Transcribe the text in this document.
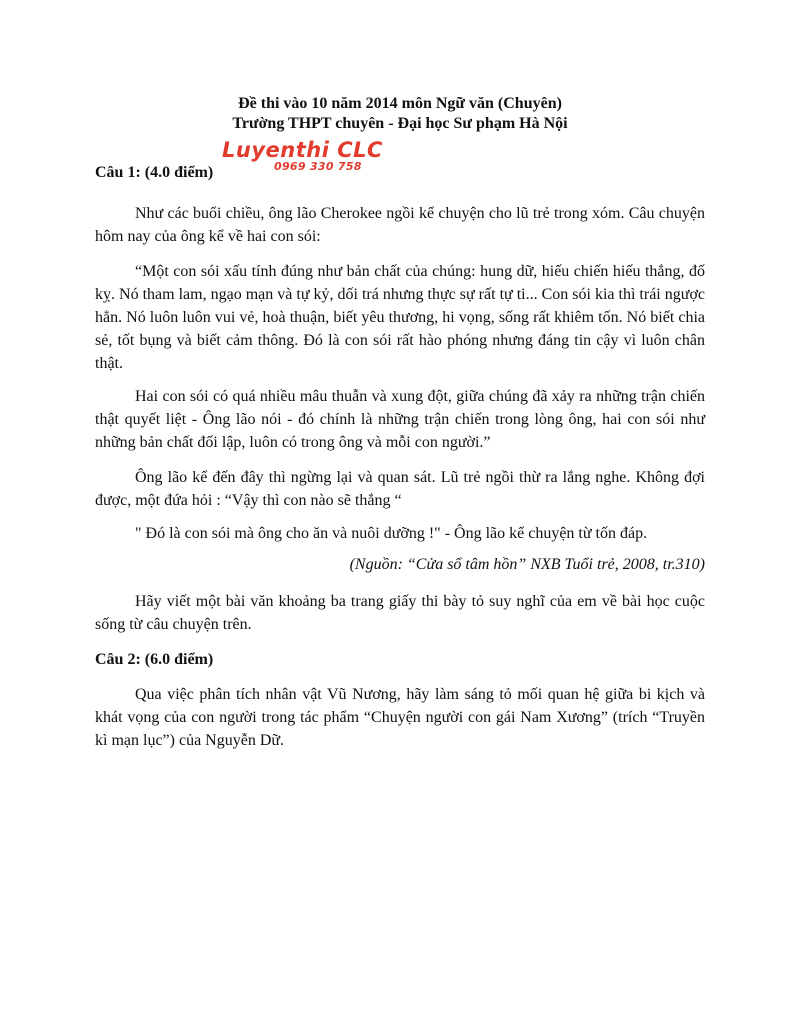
Đề thi vào 10 năm 2014 môn Ngữ văn (Chuyên)
Trường THPT chuyên - Đại học Sư phạm Hà Nội
Luyenthi CLC
0969 330 758
Câu 1: (4.0 điểm)

Như các buổi chiều, ông lão Cherokee ngồi kể chuyện cho lũ trẻ trong xóm. Câu chuyện hôm nay của ông kể về hai con sói:

“Một con sói xấu tính đúng như bản chất của chúng: hung dữ, hiếu chiến hiếu thắng, đố kỵ. Nó tham lam, ngạo mạn và tự kỷ, dối trá nhưng thực sự rất tự ti... Con sói kia thì trái ngược hẳn. Nó luôn luôn vui vẻ, hoà thuận, biết yêu thương, hi vọng, sống rất khiêm tốn. Nó biết chia sẻ, tốt bụng và biết cảm thông. Đó là con sói rất hào phóng nhưng đáng tin cậy vì luôn chân thật.

Hai con sói có quá nhiều mâu thuẫn và xung đột, giữa chúng đã xảy ra những trận chiến thật quyết liệt - Ông lão nói - đó chính là những trận chiến trong lòng ông, hai con sói như những bản chất đối lập, luôn có trong ông và mỗi con người.”

Ông lão kể đến đây thì ngừng lại và quan sát. Lũ trẻ ngồi thừ ra lắng nghe. Không đợi được, một đứa hỏi : “Vậy thì con nào sẽ thắng “

" Đó là con sói mà ông cho ăn và nuôi dưỡng !" - Ông lão kể chuyện từ tốn đáp.

(Nguồn: “Cửa sổ tâm hồn” NXB Tuổi trẻ, 2008, tr.310)

Hãy viết một bài văn khoảng ba trang giấy thi bày tỏ suy nghĩ của em về bài học cuộc sống từ câu chuyện trên.

Câu 2: (6.0 điểm)

Qua việc phân tích nhân vật Vũ Nương, hãy làm sáng tỏ mối quan hệ giữa bi kịch và khát vọng của con người trong tác phẩm “Chuyện người con gái Nam Xương” (trích “Truyền kì mạn lục”) của Nguyễn Dữ.
